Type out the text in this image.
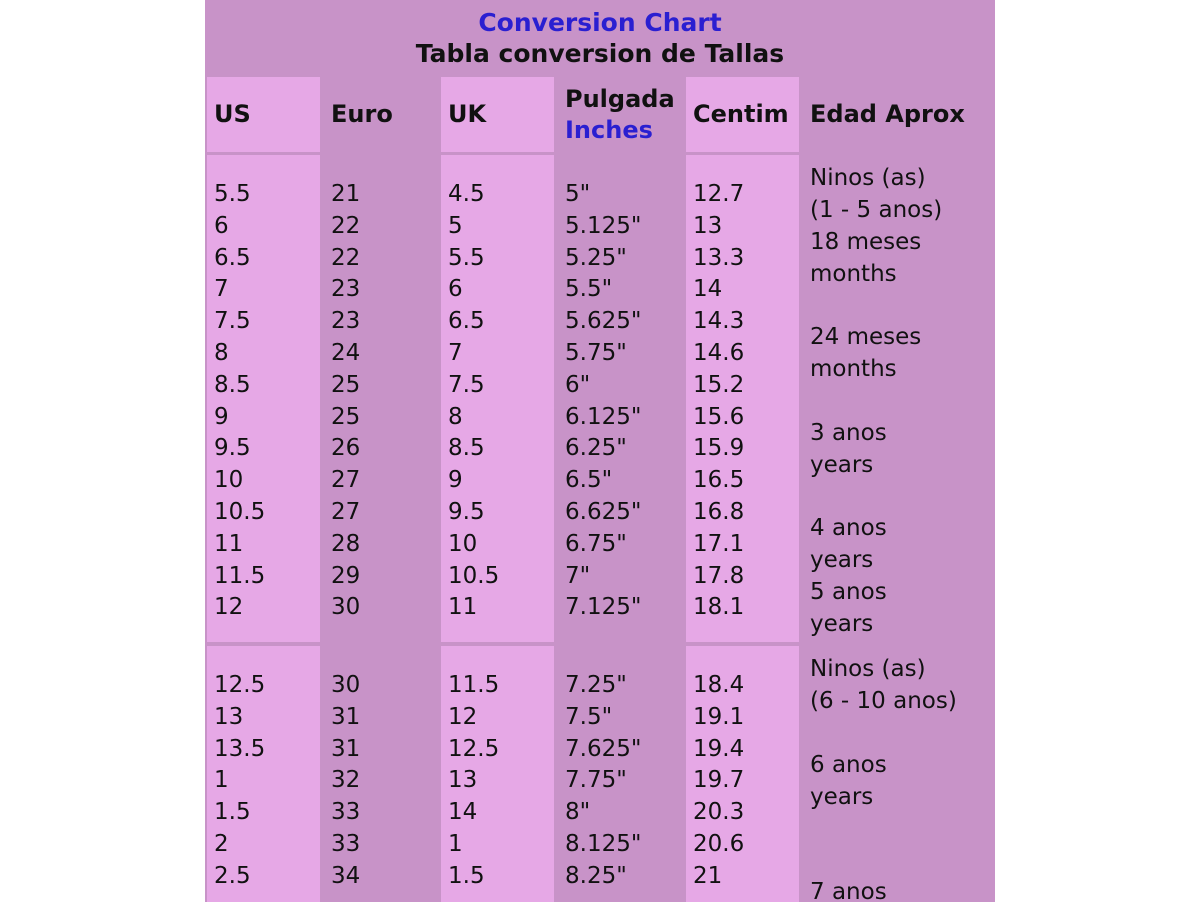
Conversion Chart
Tabla conversion de Tallas
US	Euro UK
Pulgada
Inches
Centim Edad Aprox
5.5
6
6.5
7
7.5
8
8.5
9
9.5
10
10.5
11
11.5
12
21
22
22
23
23
24
25
25
26
27
27
28
29
30
4.5
5
5.5
6
6.5
7
7.5
8
8.5
9
9.5
10
10.5
11
5"
5.125"
5.25"
5.5"
5.625"
5.75"
6"
6.125"
6.25"
6.5"
6.625"
6.75"
7"
7.125"
12.7
13
13.3
14
14.3
14.6
15.2
15.6
15.9
16.5
16.8
17.1
17.8
18.1
Ninos (as)
(1 - 5 anos)
18 meses
months
24 meses
months
3 anos
years
4 anos
years
5 anos
years
12.5
13
13.5
1
1.5
2
2.5
30
31
31
32
33
33
34
11.5
12
12.5
13
14
1
1.5
7.25"
7.5"
7.625"
7.75"
8"
8.125"
8.25"
18.4
19.1
19.4
19.7
20.3
20.6
21
Ninos (as)
(6 - 10 anos)
6 anos
years
7 anos
